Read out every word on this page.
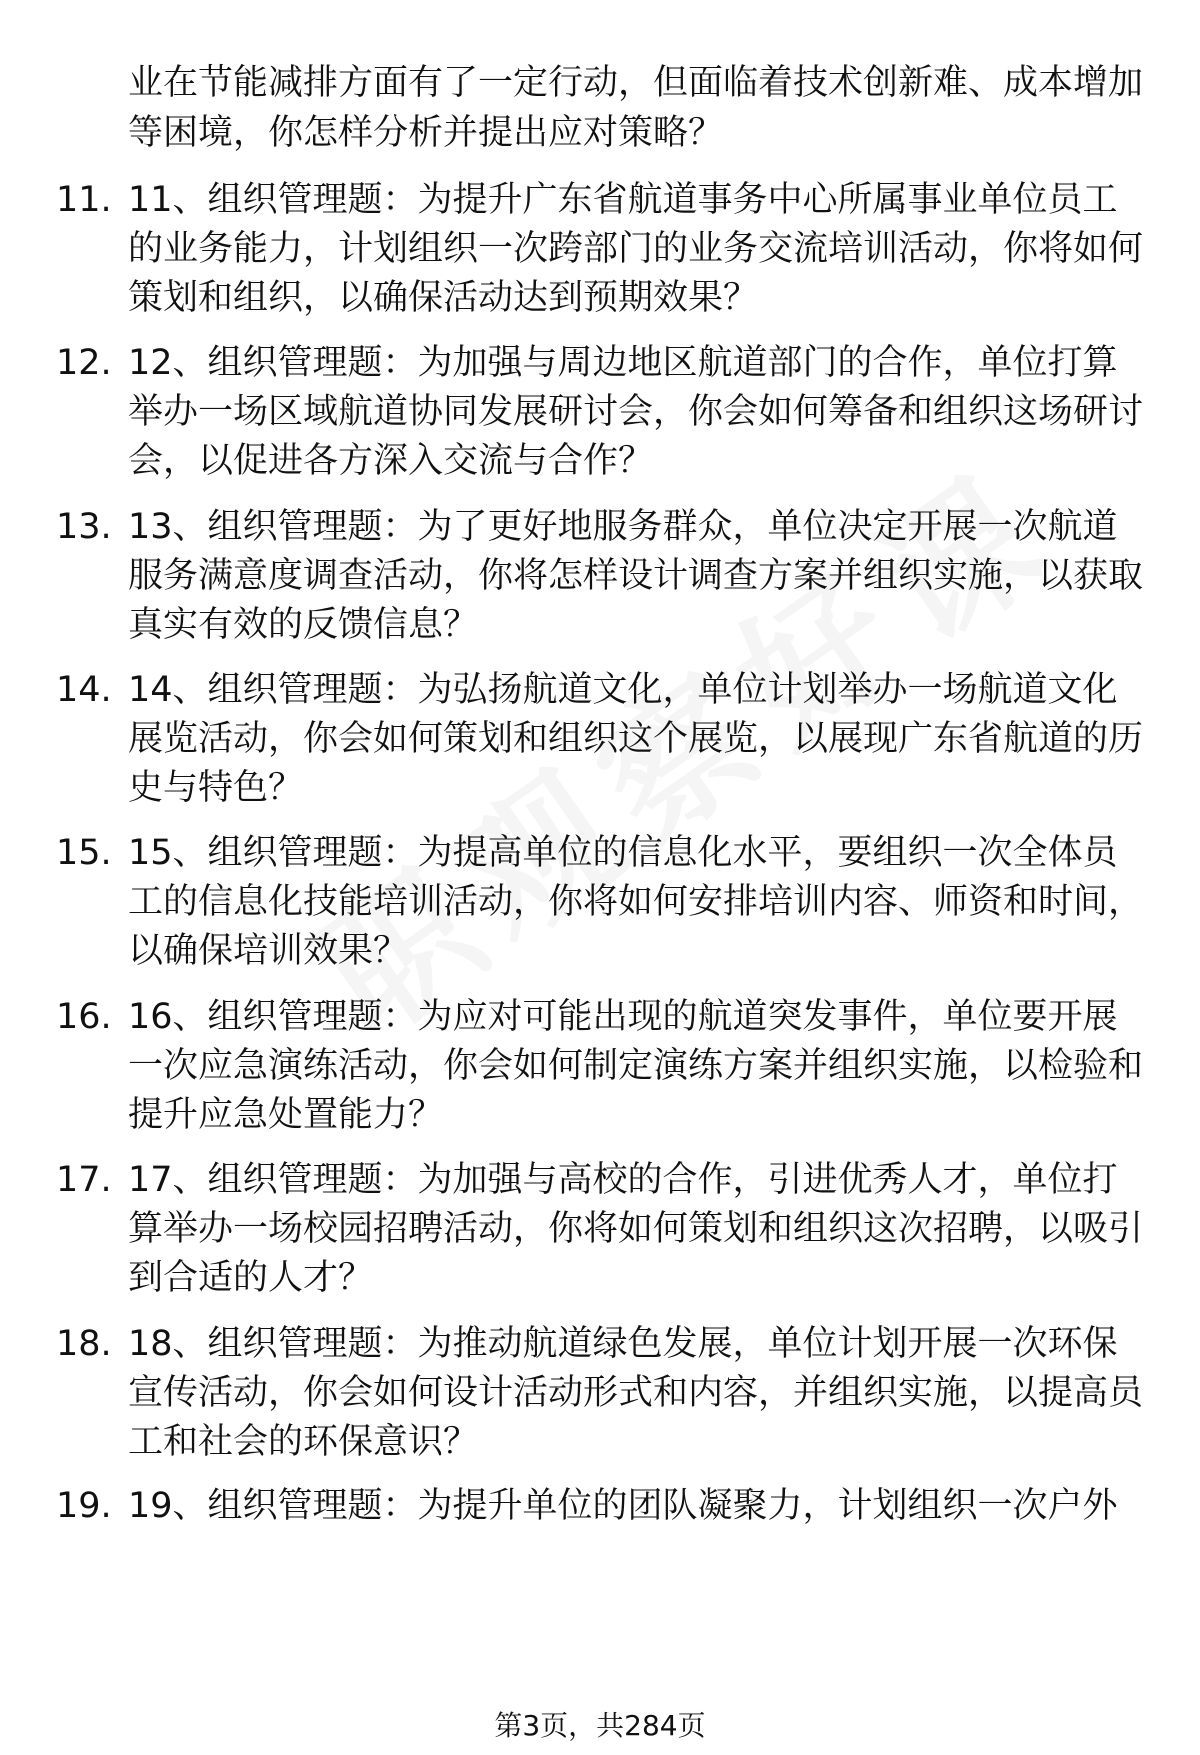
业在节能减排方面有了一定行动，但面临着技术创新难、成本增加等困境，你怎样分析并提出应对策略？
11. 11、组织管理题：为提升广东省航道事务中心所属事业单位员工的业务能力，计划组织一次跨部门的业务交流培训活动，你将如何策划和组织，以确保活动达到预期效果？
12. 12、组织管理题：为加强与周边地区航道部门的合作，单位打算举办一场区域航道协同发展研讨会，你会如何筹备和组织这场研讨会，以促进各方深入交流与合作？
13. 13、组织管理题：为了更好地服务群众，单位决定开展一次航道服务满意度调查活动，你将怎样设计调查方案并组织实施，以获取真实有效的反馈信息？
14. 14、组织管理题：为弘扬航道文化，单位计划举办一场航道文化展览活动，你会如何策划和组织这个展览，以展现广东省航道的历史与特色？
15. 15、组织管理题：为提高单位的信息化水平，要组织一次全体员工的信息化技能培训活动，你将如何安排培训内容、师资和时间，以确保培训效果？
16. 16、组织管理题：为应对可能出现的航道突发事件，单位要开展一次应急演练活动，你会如何制定演练方案并组织实施，以检验和提升应急处置能力？
17. 17、组织管理题：为加强与高校的合作，引进优秀人才，单位打算举办一场校园招聘活动，你将如何策划和组织这次招聘，以吸引到合适的人才？
18. 18、组织管理题：为推动航道绿色发展，单位计划开展一次环保宣传活动，你会如何设计活动形式和内容，并组织实施，以提高员工和社会的环保意识？
19. 19、组织管理题：为提升单位的团队凝聚力，计划组织一次户外
第3页，共284页
